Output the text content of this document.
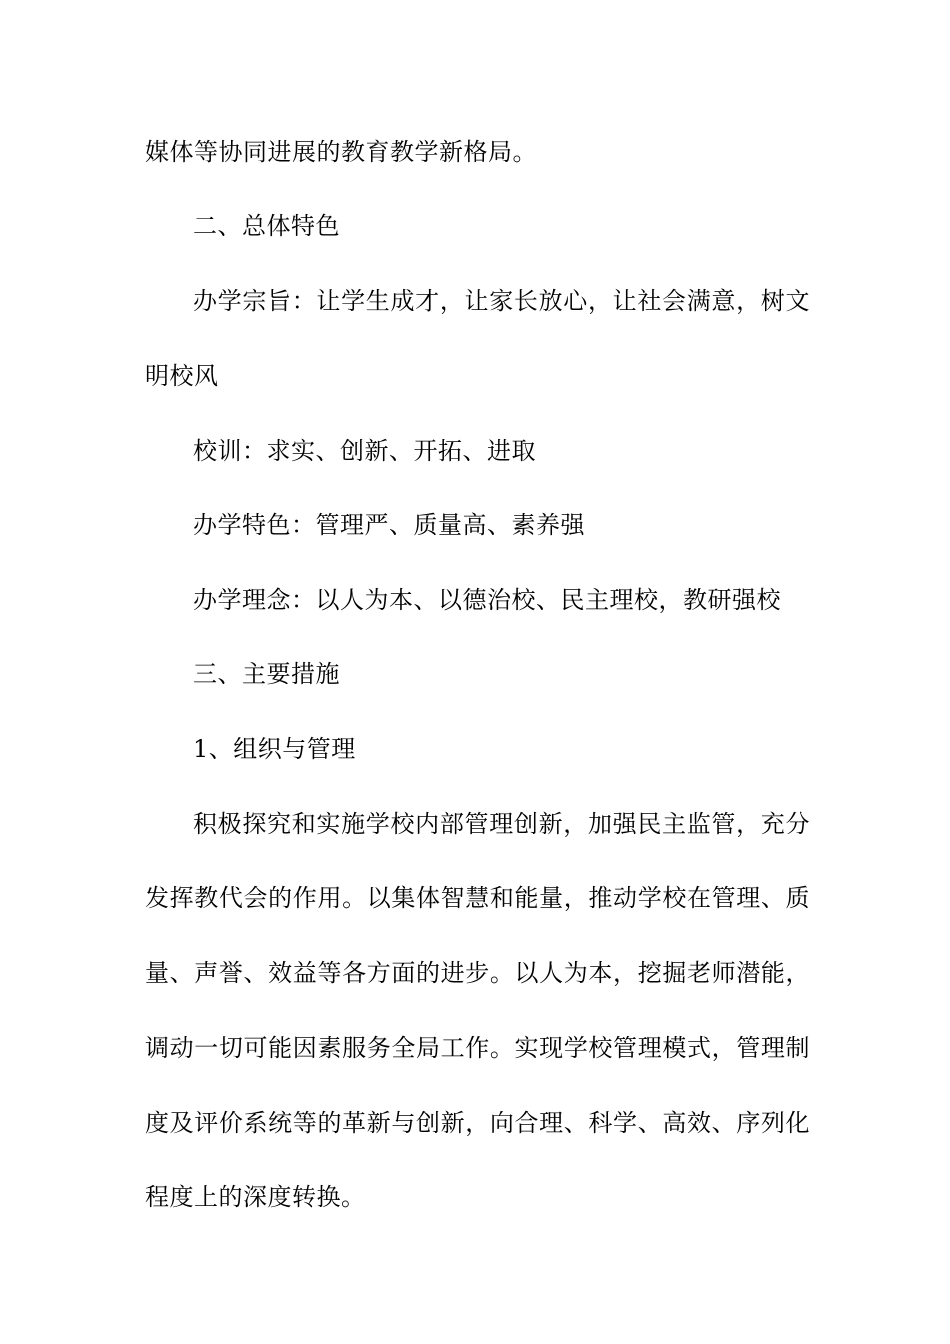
媒体等协同进展的教育教学新格局。
二、总体特色
办学宗旨：让学生成才，让家长放心，让社会满意，树文
明校风
校训：求实、创新、开拓、进取
办学特色：管理严、质量高、素养强
办学理念：以人为本、以德治校、民主理校，教研强校
三、主要措施
1、组织与管理
积极探究和实施学校内部管理创新，加强民主监管，充分
发挥教代会的作用。以集体智慧和能量，推动学校在管理、质
量、声誉、效益等各方面的进步。以人为本，挖掘老师潜能，
调动一切可能因素服务全局工作。实现学校管理模式，管理制
度及评价系统等的革新与创新，向合理、科学、高效、序列化
程度上的深度转换。
